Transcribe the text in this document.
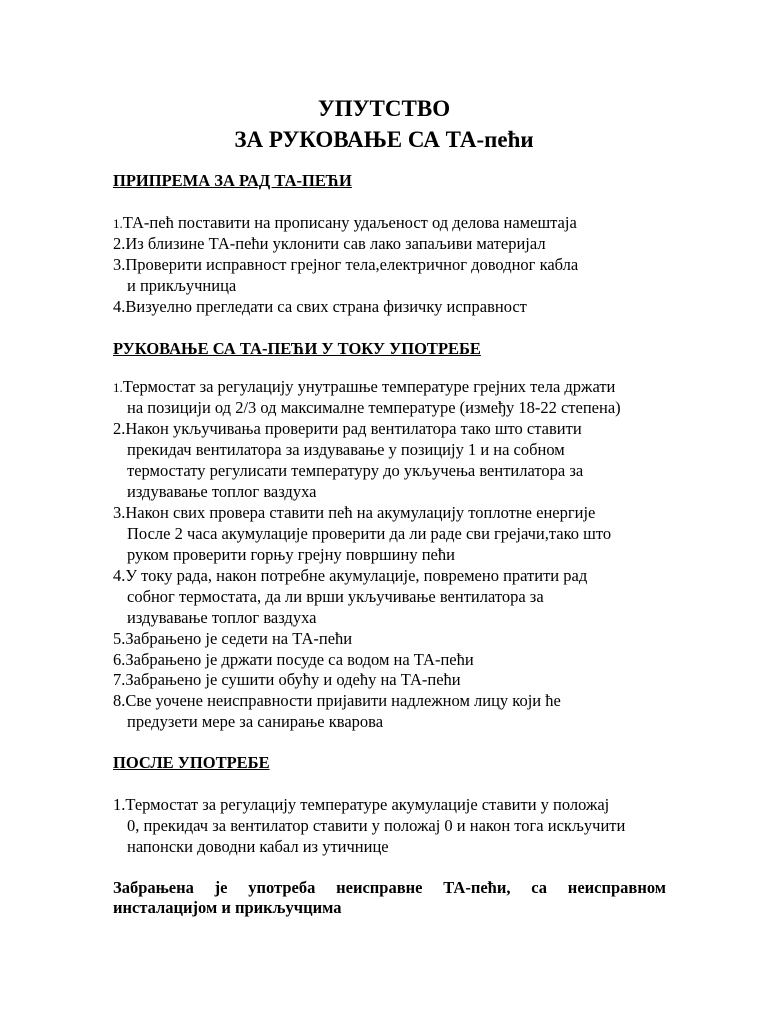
УПУТСТВО
ЗА РУКОВАЊЕ СА ТА-пећи
ПРИПРЕМА ЗА РАД ТА-ПЕЋИ
1.ТА-пећ поставити на прописану удаљеност од делова намештаја
2.Из близине ТА-пећи уклонити сав лако запаљиви материјал
3.Проверити исправност грејног тела,електричног доводног кабла
и прикључница
4.Визуелно прегледати са свих страна физичку исправност
РУКОВАЊЕ СА ТА-ПЕЋИ У ТОКУ УПОТРЕБЕ
1.Термостат за регулацију унутрашње температуре грејних тела држати
на позицији од 2/3 од максималне температуре (између 18-22 степена)
2.Након укључивања проверити рад вентилатора тако што ставити
прекидач вентилатора за издувавање у позицију 1 и на собном
термостату регулисати температуру до укључења вентилатора за
издувавање топлог ваздуха
3.Након свих провера ставити пећ на акумулацију топлотне енергије
После 2 часа акумулације проверити да ли раде сви грејачи,тако што
руком проверити горњу грејну површину пећи
4.У току рада, након потребне акумулације, повремено пратити рад
собног термостата, да ли врши укључивање вентилатора за
издувавање топлог ваздуха
5.Забрањено је седети на ТА-пећи
6.Забрањено је држати посуде са водом на ТА-пећи
7.Забрањено је сушити обућу и одећу на ТА-пећи
8.Све уочене неисправности пријавити надлежном лицу који ће
предузети мере за санирање кварова
ПОСЛЕ УПОТРЕБЕ
1.Термостат за регулацију температуре акумулације ставити у положај
0, прекидач за вентилатор ставити у положај 0 и након тога искључити
напонски доводни кабал из утичнице
Забрањена је употреба неисправне ТА-пећи, са неисправном инсталацијом и прикључцима
